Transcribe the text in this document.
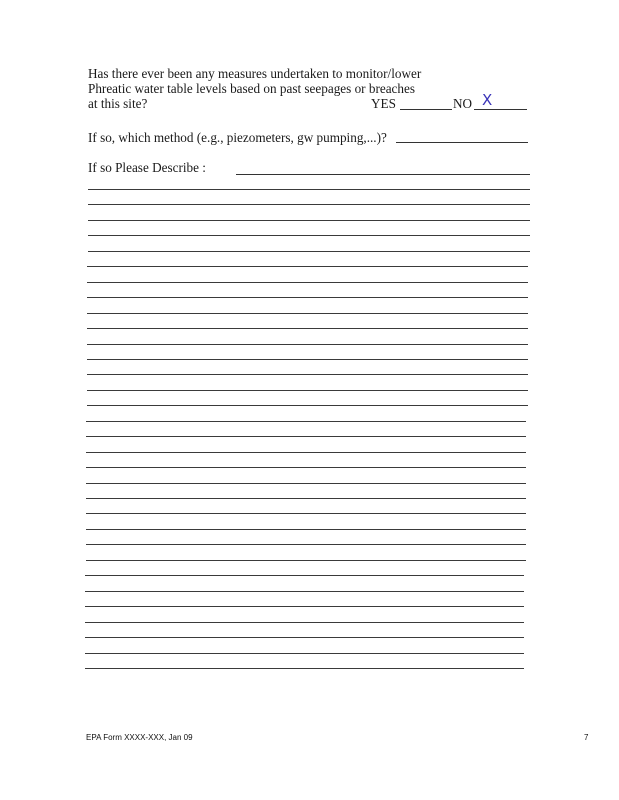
Has there ever been any measures undertaken to monitor/lower
Phreatic water table levels based on past seepages or breaches
at this site?	YES	NO X
If so, which method (e.g., piezometers, gw pumping,...)?
If so Please Describe :
EPA Form XXXX-XXX, Jan 09	7
